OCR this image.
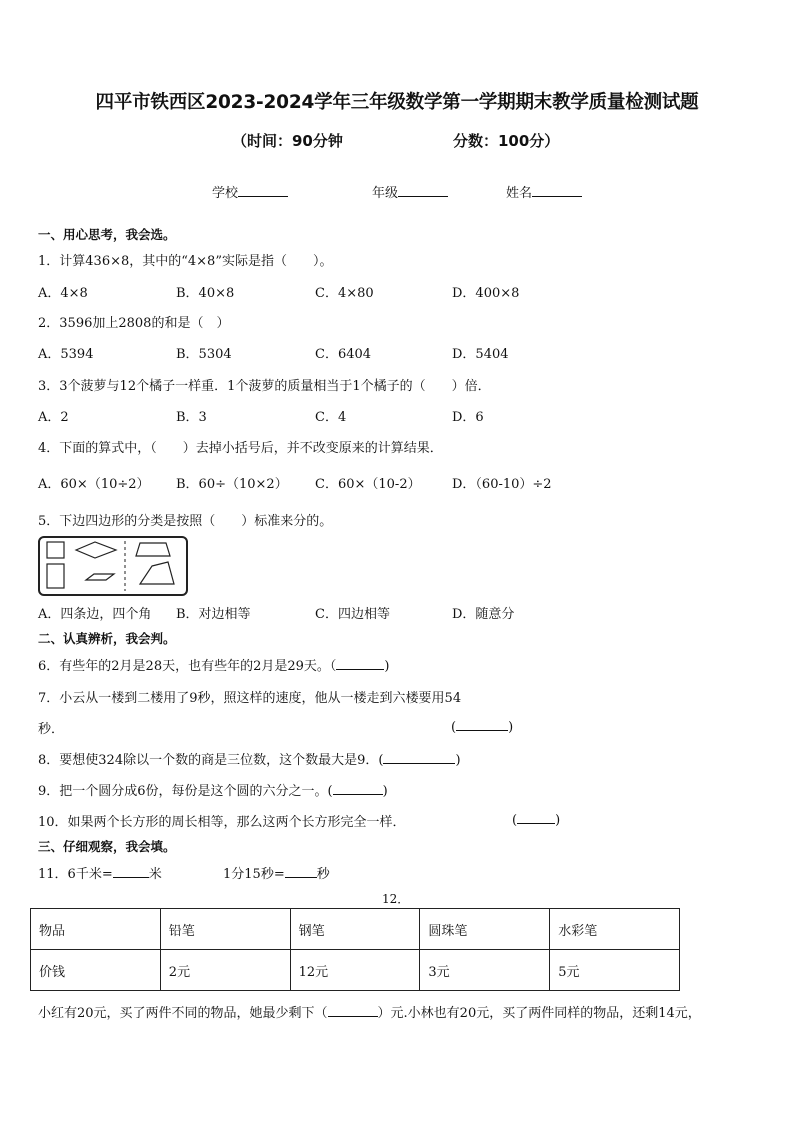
四平市铁西区2023-2024学年三年级数学第一学期期末教学质量检测试题
（时间：90分钟	分数：100分）
学校	年级	姓名
一、用心思考，我会选。
1．计算436×8，其中的“4×8”实际是指（　　）。
A．4×8	B．40×8	C．4×80	D．400×8
2．3596加上2808的和是（　）
A．5394	B．5304	C．6404	D．5404
3．3个菠萝与12个橘子一样重．1个菠萝的质量相当于1个橘子的（　　）倍．
A．2	B．3	C．4	D．6
4．下面的算式中，（　　）去掉小括号后，并不改变原来的计算结果．
A．60×（10÷2） B．60÷（10×2） C．60×（10-2） D．（60-10）÷2
5．下边四边形的分类是按照（　　）标准来分的。
A．四条边，四个角 B．对边相等	C．四边相等	D．随意分
二、认真辨析，我会判。
6．有些年的2月是28天，也有些年的2月是29天。（	)
7．小云从一楼到二楼用了9秒，照这样的速度，他从一楼走到六楼要用54
秒．	(	)
8．要想使324除以一个数的商是三位数，这个数最大是9．(	)
9．把一个圆分成6份，每份是这个圆的六分之一。(	)
10．如果两个长方形的周长相等，那么这两个长方形完全一样．	(	)
三、仔细观察，我会填。
11．6千米=	米	1分15秒= 秒
12．
物品	铅笔	钢笔	圆珠笔	水彩笔
价钱	2元	12元	3元	5元
小红有20元，买了两件不同的物品，她最少剩下（	）元.小林也有20元，买了两件同样的物品，还剩14元，
